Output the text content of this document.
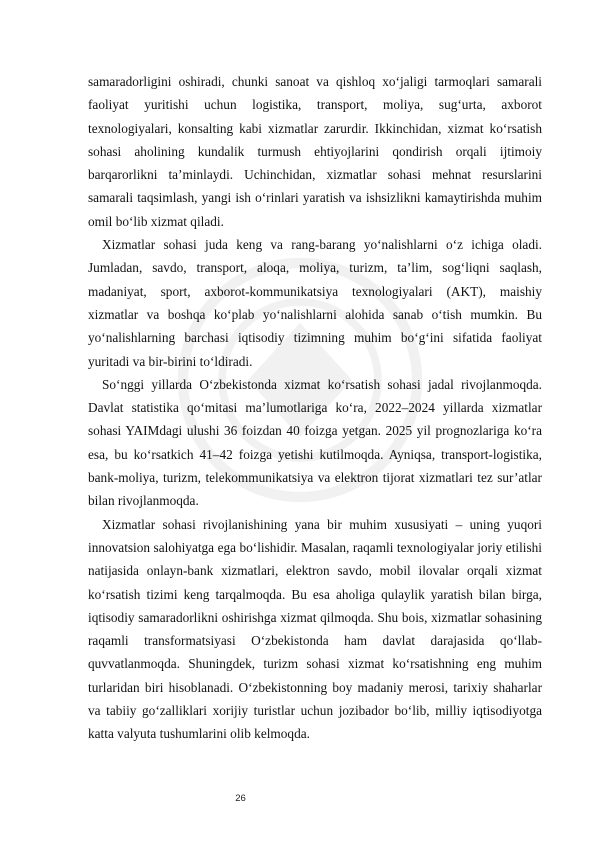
samaradorligini oshiradi, chunki sanoat va qishloq xo‘jaligi tarmoqlari samarali faoliyat yuritishi uchun logistika, transport, moliya, sug‘urta, axborot texnologiyalari, konsalting kabi xizmatlar zarurdir. Ikkinchidan, xizmat ko‘rsatish sohasi aholining kundalik turmush ehtiyojlarini qondirish orqali ijtimoiy barqarorlikni ta’minlaydi. Uchinchidan, xizmatlar sohasi mehnat resurslarini samarali taqsimlash, yangi ish o‘rinlari yaratish va ishsizlikni kamaytirishda muhim omil bo‘lib xizmat qiladi.

Xizmatlar sohasi juda keng va rang-barang yo‘nalishlarni o‘z ichiga oladi. Jumladan, savdo, transport, aloqa, moliya, turizm, ta’lim, sog‘liqni saqlash, madaniyat, sport, axborot-kommunikatsiya texnologiyalari (AKT), maishiy xizmatlar va boshqa ko‘plab yo‘nalishlarni alohida sanab o‘tish mumkin. Bu yo‘nalishlarning barchasi iqtisodiy tizimning muhim bo‘g‘ini sifatida faoliyat yuritadi va bir-birini to‘ldiradi.

So‘nggi yillarda O‘zbekistonda xizmat ko‘rsatish sohasi jadal rivojlanmoqda. Davlat statistika qo‘mitasi ma’lumotlariga ko‘ra, 2022–2024 yillarda xizmatlar sohasi YAIMdagi ulushi 36 foizdan 40 foizga yetgan. 2025 yil prognozlariga ko‘ra esa, bu ko‘rsatkich 41–42 foizga yetishi kutilmoqda. Ayniqsa, transport-logistika, bank-moliya, turizm, telekommunikatsiya va elektron tijorat xizmatlari tez sur’atlar bilan rivojlanmoqda.

Xizmatlar sohasi rivojlanishining yana bir muhim xususiyati – uning yuqori innovatsion salohiyatga ega bo‘lishidir. Masalan, raqamli texnologiyalar joriy etilishi natijasida onlayn-bank xizmatlari, elektron savdo, mobil ilovalar orqali xizmat ko‘rsatish tizimi keng tarqalmoqda. Bu esa aholiga qulaylik yaratish bilan birga, iqtisodiy samaradorlikni oshirishga xizmat qilmoqda. Shu bois, xizmatlar sohasining raqamli transformatsiyasi O‘zbekistonda ham davlat darajasida qo‘llab-quvvatlanmoqda. Shuningdek, turizm sohasi xizmat ko‘rsatishning eng muhim turlaridan biri hisoblanadi. O‘zbekistonning boy madaniy merosi, tarixiy shaharlar va tabiiy go‘zalliklari xorijiy turistlar uchun jozibador bo‘lib, milliy iqtisodiyotga katta valyuta tushumlarini olib kelmoqda.

26
